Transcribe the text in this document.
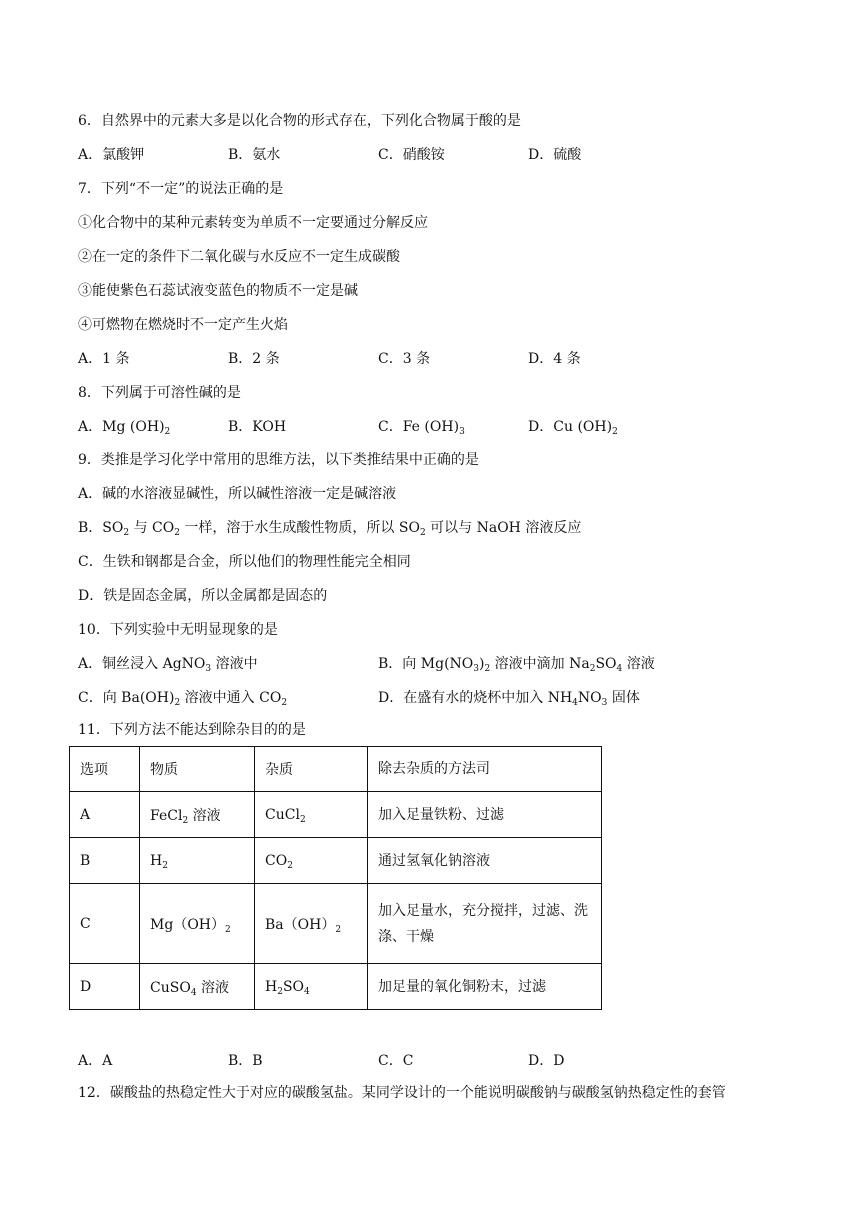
6．自然界中的元素大多是以化合物的形式存在，下列化合物属于酸的是
A．氯酸钾	B．氨水	C．硝酸铵	D．硫酸
7．下列“不一定”的说法正确的是
①化合物中的某种元素转变为单质不一定要通过分解反应
②在一定的条件下二氧化碳与水反应不一定生成碳酸
③能使紫色石蕊试液变蓝色的物质不一定是碱
④可燃物在燃烧时不一定产生火焰
A．1 条	B．2 条	C．3 条	D．4 条
8．下列属于可溶性碱的是
A．Mg $(OH)_2$	B．KOH	C．Fe $(OH)_3$	D．Cu $(OH)_2$
9．类推是学习化学中常用的思维方法，以下类推结果中正确的是
A．碱的水溶液显碱性，所以碱性溶液一定是碱溶液
B．$SO_2$ 与 $CO_2$ 一样，溶于水生成酸性物质，所以 $SO_2$ 可以与 NaOH 溶液反应
C．生铁和钢都是合金，所以他们的物理性能完全相同
D．铁是固态金属，所以金属都是固态的
10．下列实验中无明显现象的是
A．铜丝浸入 AgNO$_3$ 溶液中	B．向 $Mg(NO_3)_2$ 溶液中滴加 $Na_2SO_4$ 溶液
C．向 $Ba(OH)_2$ 溶液中通入 $CO_2$	D．在盛有水的烧杯中加入 $NH_4NO_3$ 固体
11．下列方法不能达到除杂目的的是
选项	物质	杂质	除去杂质的方法司
A	FeCl$_2$ 溶液	CuCl$_2$	加入足量铁粉、过滤
B	$H_2$	$CO_2$	通过氢氧化钠溶液
C	$Mg(OH)_2$	$Ba(OH)_2$	加入足量水，充分搅拌，过滤、洗涤、干燥
D	CuSO$_4$ 溶液	$H_2SO_4$	加足量的氧化铜粉末，过滤
A．A	B．B	C．C	D．D
12．碳酸盐的热稳定性大于对应的碳酸氢盐。某同学设计的一个能说明碳酸钠与碳酸氢钠热稳定性的套管
